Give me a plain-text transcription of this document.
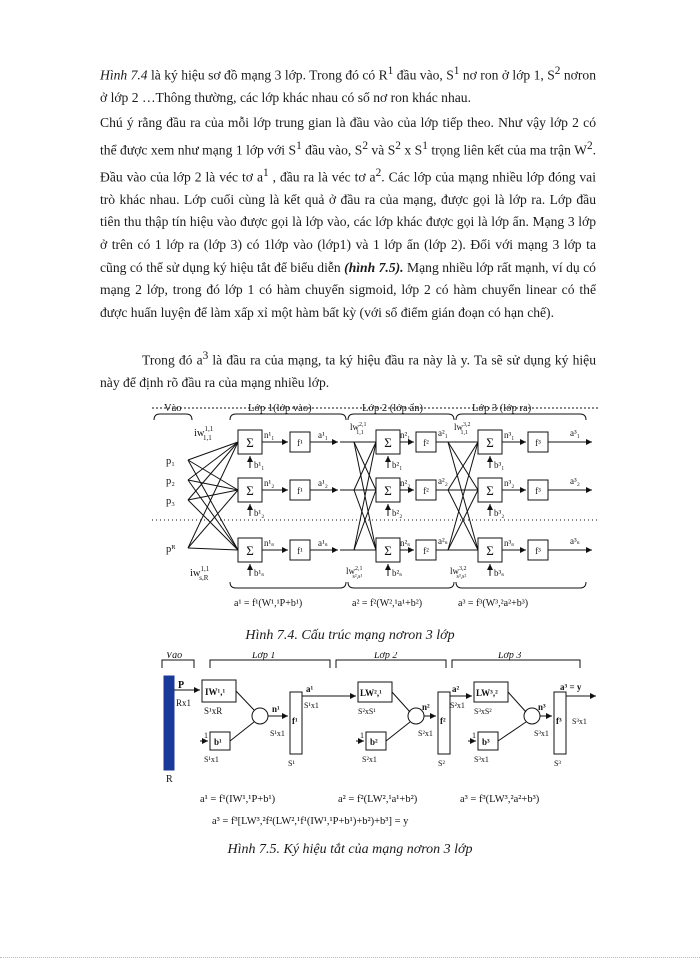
Hình 7.4 là ký hiệu sơ đồ mạng 3 lớp. Trong đó có $R^1$ đầu vào, $S^1$ nơ ron ở lớp 1, $S^2$ nơron ở lớp 2 …Thông thường, các lớp khác nhau có số nơ ron khác nhau.

Chú ý rằng đầu ra của mỗi lớp trung gian là đầu vào của lớp tiếp theo. Như vậy lớp 2 có thể được xem như mạng 1 lớp với $S^1$ đầu vào, $S^2$ và $S^2$ x $S^1$ trọng liên kết của ma trận $W^2$. Đầu vào của lớp 2 là véc tơ $a^1$ , đầu ra là véc tơ $a^2$. Các lớp của mạng nhiều lớp đóng vai trò khác nhau. Lớp cuối cùng là kết quả ở đầu ra của mạng, được gọi là lớp ra. Lớp đầu tiên thu thập tín hiệu vào được gọi là lớp vào, các lớp khác được gọi là lớp ẩn. Mạng 3 lớp ở trên có 1 lớp ra (lớp 3) có 1lớp vào (lớp1) và 1 lớp ẩn (lớp 2). Đối với mạng 3 lớp ta cũng có thể sử dụng ký hiệu tắt để biểu diễn (hình 7.5). Mạng nhiều lớp rất mạnh, ví dụ có mạng 2 lớp, trong đó lớp 1 có hàm chuyển sigmoid, lớp 2 có hàm chuyển linear có thể được huấn luyện để làm xấp xỉ một hàm bất kỳ (với số điểm gián đoạn có hạn chế).

Trong đó $a^3$ là đầu ra của mạng, ta ký hiệu đầu ra này là y. Ta sẽ sử dụng ký hiệu này để định rõ đầu ra của mạng nhiều lớp.

Vào	Lớp 1(lớp vào)	Lớp 2 (lớp ẩn)	Lớp 3 (lớp ra)
p₁
p₂
p₃
pᴿ
iw$^{1,1}$ 1,1
iw$^{1,1}$ s,R
lw$^{2,1}$ 1,1
lw$^{2,1}$ s²,s¹
lw$^{3,2}$ 1,1
lw$^{3,2}$ s³,s²
Σ
Σ
Σ
Σ
Σ
Σ
Σ
Σ
Σ
f¹
f¹
f¹
f²
f²
f²
f³
f³
f³
n¹₁
n¹₂
n¹ₛ
a¹₁
a¹₂
a¹ₛ
n²₁
n²₂
n²ₛ
a²₁
a²₂
a²ₛ
n³₁
n³₂
n³ₛ
a³₁
a³₂
a³ₛ
b¹₁
b¹₂
b¹ₛ
b²₁
b²₂
b²ₛ
b³₁
b³₂
b³ₛ
a¹ = f¹(W¹,¹P+b¹)	a² = f²(W²,¹a¹+b²)	a³ = f³(W³,²a²+b³)
Hình 7.4. Cấu trúc mạng nơron 3 lớp
Vào	Lớp 1	Lớp 2	Lớp 3
P
Rx1
R
IW¹,¹
S¹xR
b¹
S¹x1
1
n¹
S¹x1
f¹
S¹
a¹
S¹x1
LW²,¹
S²xS¹
b²
S²x1
1
n²
S²x1
f²
S²
a²
S²x1
LW³,²
S³xS²
b³
S³x1
1
n³
S³x1
f³
S³
a³ = y
S³x1
a¹ = f¹(IW¹,¹P+b¹)	a² = f²(LW²,¹a¹+b²)	a³ = f³(LW³,²a²+b³)
a³ = f³[LW³,²f²(LW²,¹f¹(IW¹,¹P+b¹)+b²)+b³] = y
Hình 7.5. Ký hiệu tắt của mạng nơron 3 lớp
